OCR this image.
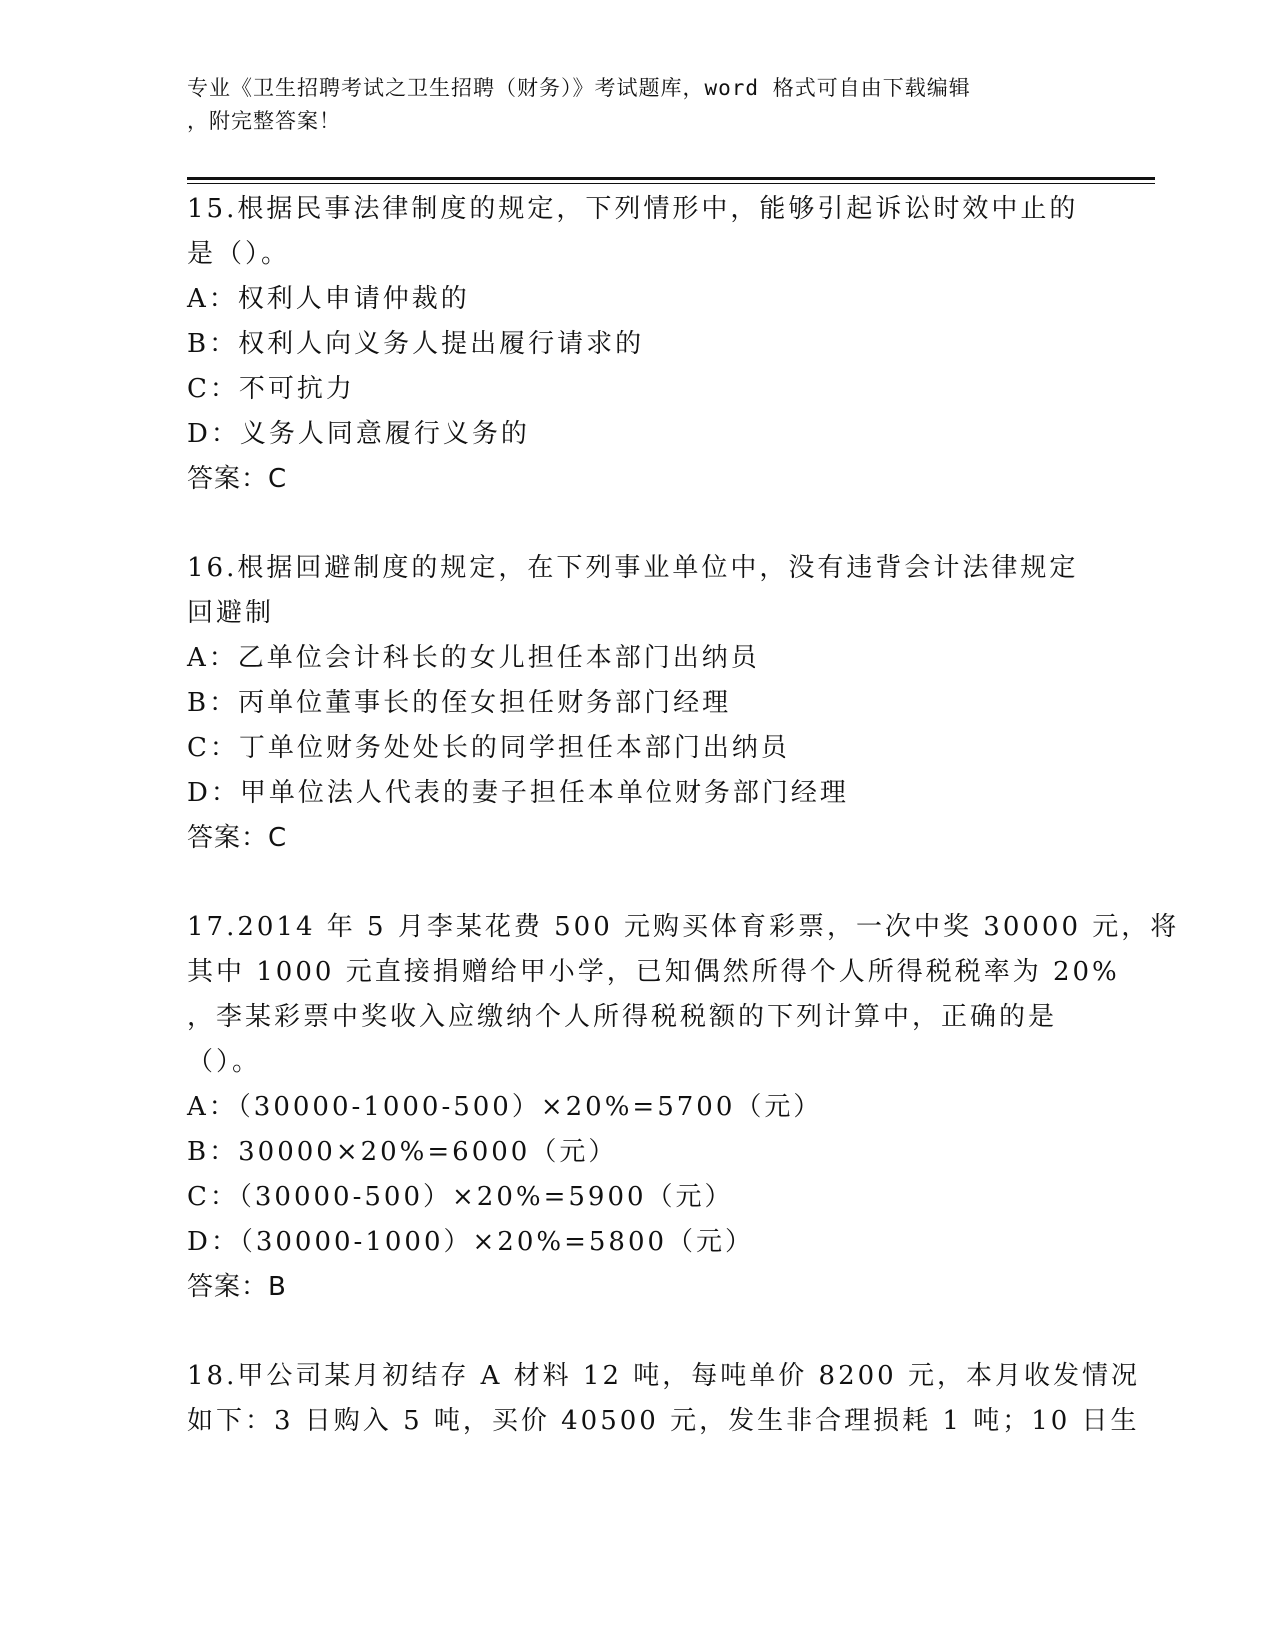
专业《卫生招聘考试之卫生招聘（财务）》考试题库，word 格式可自由下载编辑
，附完整答案！
15.根据民事法律制度的规定，下列情形中，能够引起诉讼时效中止的
是（）。
A：权利人申请仲裁的
B：权利人向义务人提出履行请求的
C：不可抗力
D：义务人同意履行义务的
答案：C
16.根据回避制度的规定，在下列事业单位中，没有违背会计法律规定
回避制
A：乙单位会计科长的女儿担任本部门出纳员
B：丙单位董事长的侄女担任财务部门经理
C：丁单位财务处处长的同学担任本部门出纳员
D：甲单位法人代表的妻子担任本单位财务部门经理
答案：C
17.2014 年 5 月李某花费 500 元购买体育彩票，一次中奖 30000 元，将
其中 1000 元直接捐赠给甲小学，已知偶然所得个人所得税税率为 20%
，李某彩票中奖收入应缴纳个人所得税税额的下列计算中，正确的是
（）。
A：（30000-1000-500）×20%=5700（元）
B：30000×20%=6000（元）
C：（30000-500）×20%=5900（元）
D：（30000-1000）×20%=5800（元）
答案：B
18.甲公司某月初结存 A 材料 12 吨，每吨单价 8200 元，本月收发情况
如下：3 日购入 5 吨，买价 40500 元，发生非合理损耗 1 吨；10 日生
